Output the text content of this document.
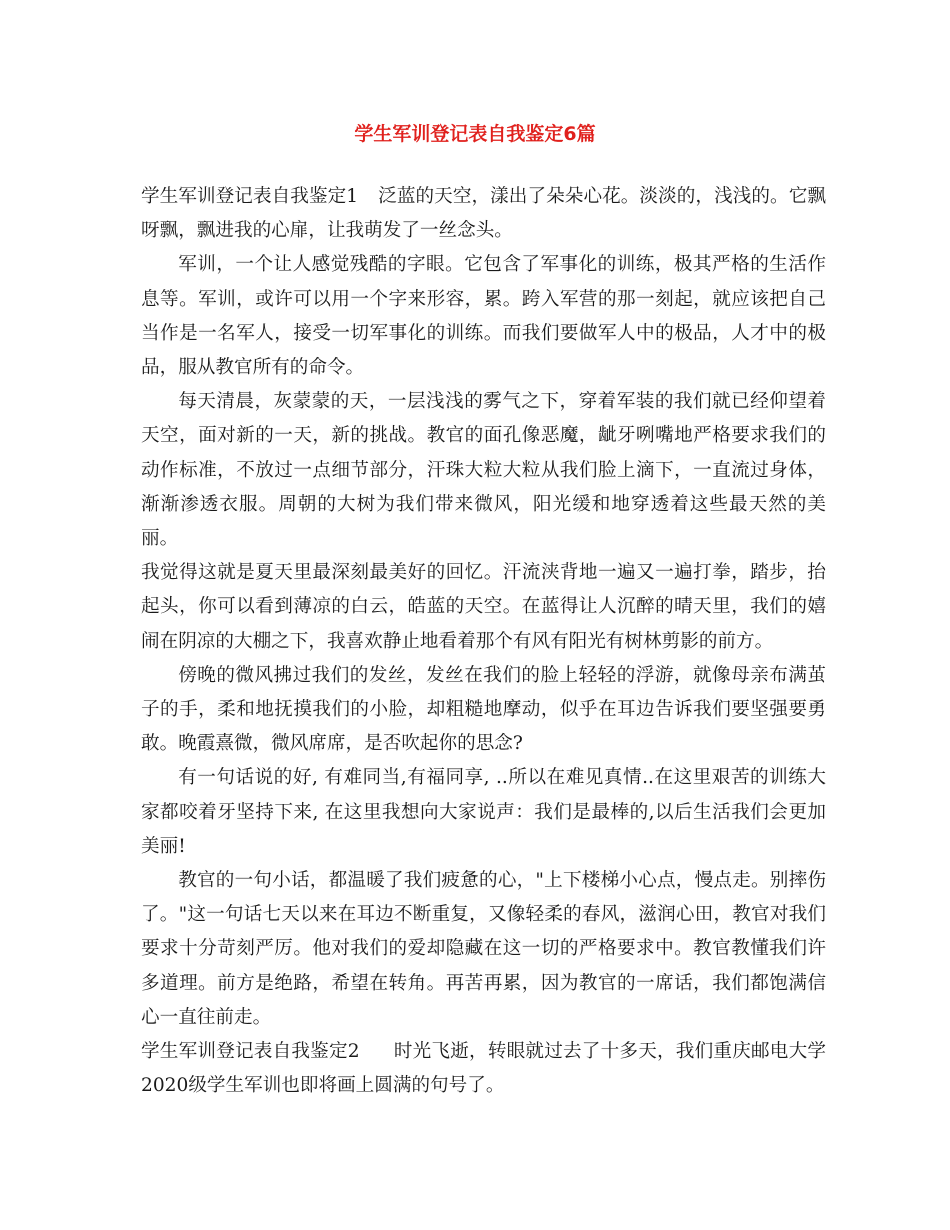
学生军训登记表自我鉴定6篇

学生军训登记表自我鉴定1 泛蓝的天空，漾出了朵朵心花。淡淡的，浅浅的。它飘呀飘，飘进我的心扉，让我萌发了一丝念头。

军训，一个让人感觉残酷的字眼。它包含了军事化的训练，极其严格的生活作息等。军训，或许可以用一个字来形容，累。跨入军营的那一刻起，就应该把自己当作是一名军人，接受一切军事化的训练。而我们要做军人中的极品，人才中的极品，服从教官所有的命令。

每天清晨，灰蒙蒙的天，一层浅浅的雾气之下，穿着军装的我们就已经仰望着天空，面对新的一天，新的挑战。教官的面孔像恶魔，龇牙咧嘴地严格要求我们的动作标准，不放过一点细节部分，汗珠大粒大粒从我们脸上滴下，一直流过身体，渐渐渗透衣服。周朝的大树为我们带来微风，阳光缓和地穿透着这些最天然的美丽。

我觉得这就是夏天里最深刻最美好的回忆。汗流浃背地一遍又一遍打拳，踏步，抬起头，你可以看到薄凉的白云，皓蓝的天空。在蓝得让人沉醉的晴天里，我们的嬉闹在阴凉的大棚之下，我喜欢静止地看着那个有风有阳光有树林剪影的前方。

傍晚的微风拂过我们的发丝，发丝在我们的脸上轻轻的浮游，就像母亲布满茧子的手，柔和地抚摸我们的小脸，却粗糙地摩动，似乎在耳边告诉我们要坚强要勇敢。晚霞熹微，微风席席，是否吹起你的思念?

有一句话说的好, 有难同当,有福同享, ..所以在难见真情..在这里艰苦的训练大家都咬着牙坚持下来, 在这里我想向大家说声：我们是最棒的,以后生活我们会更加美丽!

教官的一句小话，都温暖了我们疲惫的心，"上下楼梯小心点，慢点走。别摔伤了。"这一句话七天以来在耳边不断重复，又像轻柔的春风，滋润心田，教官对我们要求十分苛刻严厉。他对我们的爱却隐藏在这一切的严格要求中。教官教懂我们许多道理。前方是绝路，希望在转角。再苦再累，因为教官的一席话，我们都饱满信心一直往前走。

学生军训登记表自我鉴定2 时光飞逝，转眼就过去了十多天，我们重庆邮电大学2020级学生军训也即将画上圆满的句号了。
